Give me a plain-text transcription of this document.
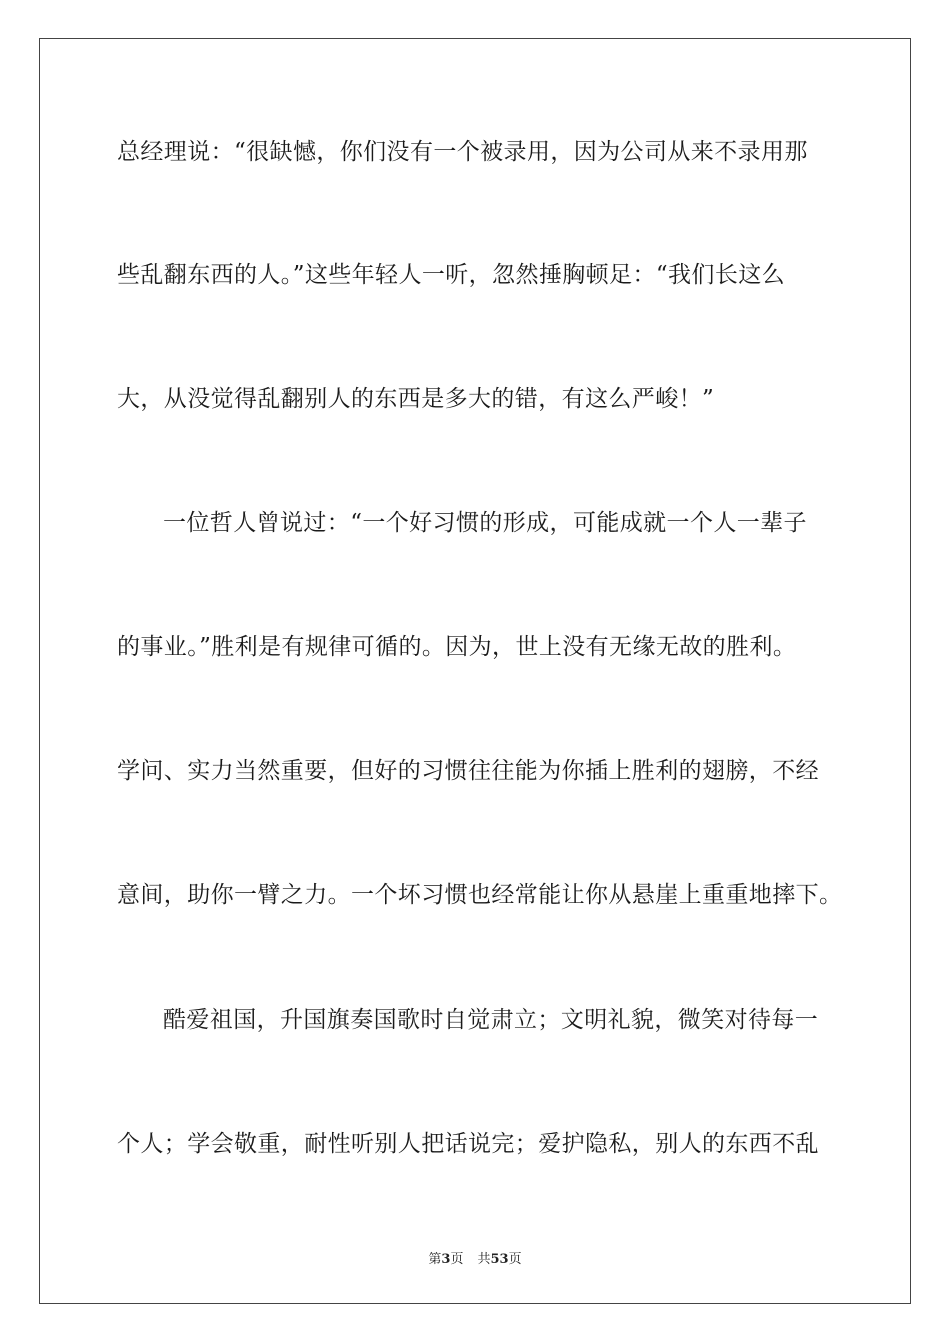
总经理说：“很缺憾，你们没有一个被录用，因为公司从来不录用那
些乱翻东西的人。”这些年轻人一听，忽然捶胸顿足：“我们长这么
大，从没觉得乱翻别人的东西是多大的错，有这么严峻！”
一位哲人曾说过：“一个好习惯的形成，可能成就一个人一辈子
的事业。”胜利是有规律可循的。因为，世上没有无缘无故的胜利。
学问、实力当然重要，但好的习惯往往能为你插上胜利的翅膀，不经
意间，助你一臂之力。一个坏习惯也经常能让你从悬崖上重重地摔下。
酷爱祖国，升国旗奏国歌时自觉肃立；文明礼貌，微笑对待每一
个人；学会敬重，耐性听别人把话说完；爱护隐私，别人的东西不乱
第3页 共53页
